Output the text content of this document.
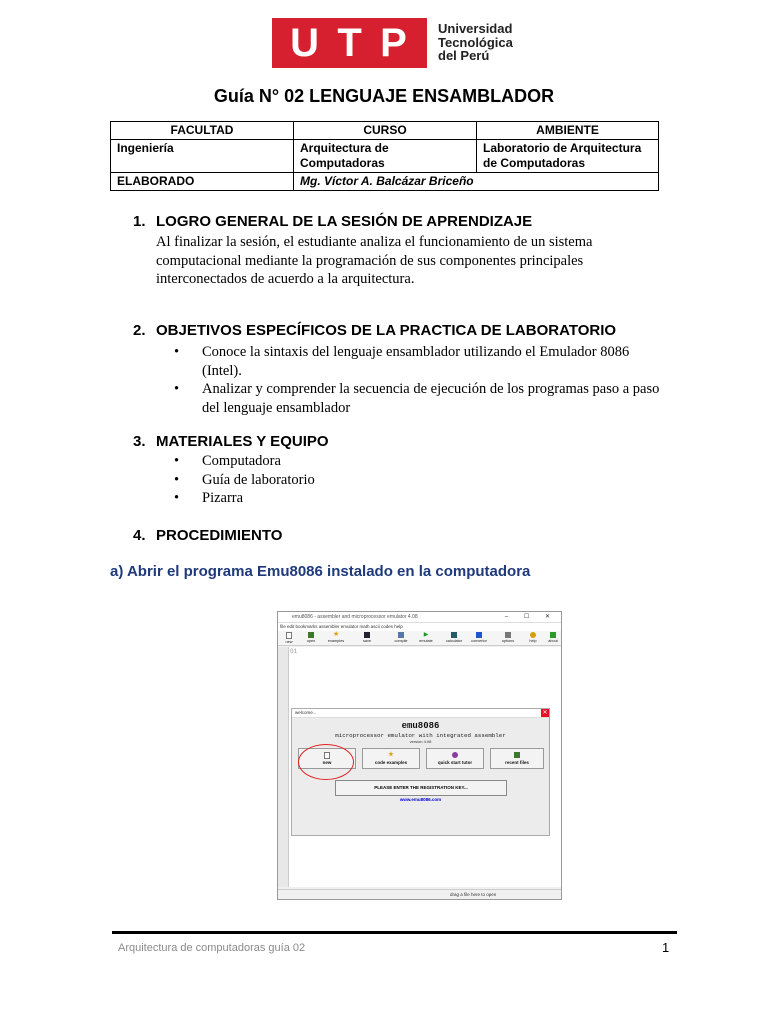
U T P Universidad
Tecnológica
del Perú
Guía N° 02 LENGUAJE ENSAMBLADOR
FACULTAD	CURSO	AMBIENTE
Ingeniería	Arquitectura de Computadoras	Laboratorio de Arquitectura de Computadoras
ELABORADO	Mg. Víctor A. Balcázar Briceño	
1. LOGRO GENERAL DE LA SESIÓN DE APRENDIZAJE
Al finalizar la sesión, el estudiante analiza el funcionamiento de un sistema computacional mediante la programación de sus componentes principales interconectados de acuerdo a la arquitectura.
2. OBJETIVOS ESPECÍFICOS DE LA PRACTICA DE LABORATORIO
• Conoce la sintaxis del lenguaje ensamblador utilizando el Emulador 8086 (Intel).
• Analizar y comprender la secuencia de ejecución de los programas paso a paso del lenguaje ensamblador
3. MATERIALES Y EQUIPO
• Computadora
• Guía de laboratorio
• Pizarra
4. PROCEDIMIENTO
a) Abrir el programa Emu8086 instalado en la computadora
emu8086 - assembler and microprocessor emulator 4.08	– ☐ ✕
file edit bookmarks assembler emulator math ascii codes help
new	open
★
examples	save	compile
▶
emulate	calculator	convertor	options	help	about
01
welcome...	✕
emu8086
microprocessor emulator with integrated assembler
version 4.08
new
★
code examples	quick start tutor	recent files
PLEASE ENTER THE REGISTRATION KEY...
www.emu8086.com
drag a file here to open
Arquitectura de computadoras guía 02	1
